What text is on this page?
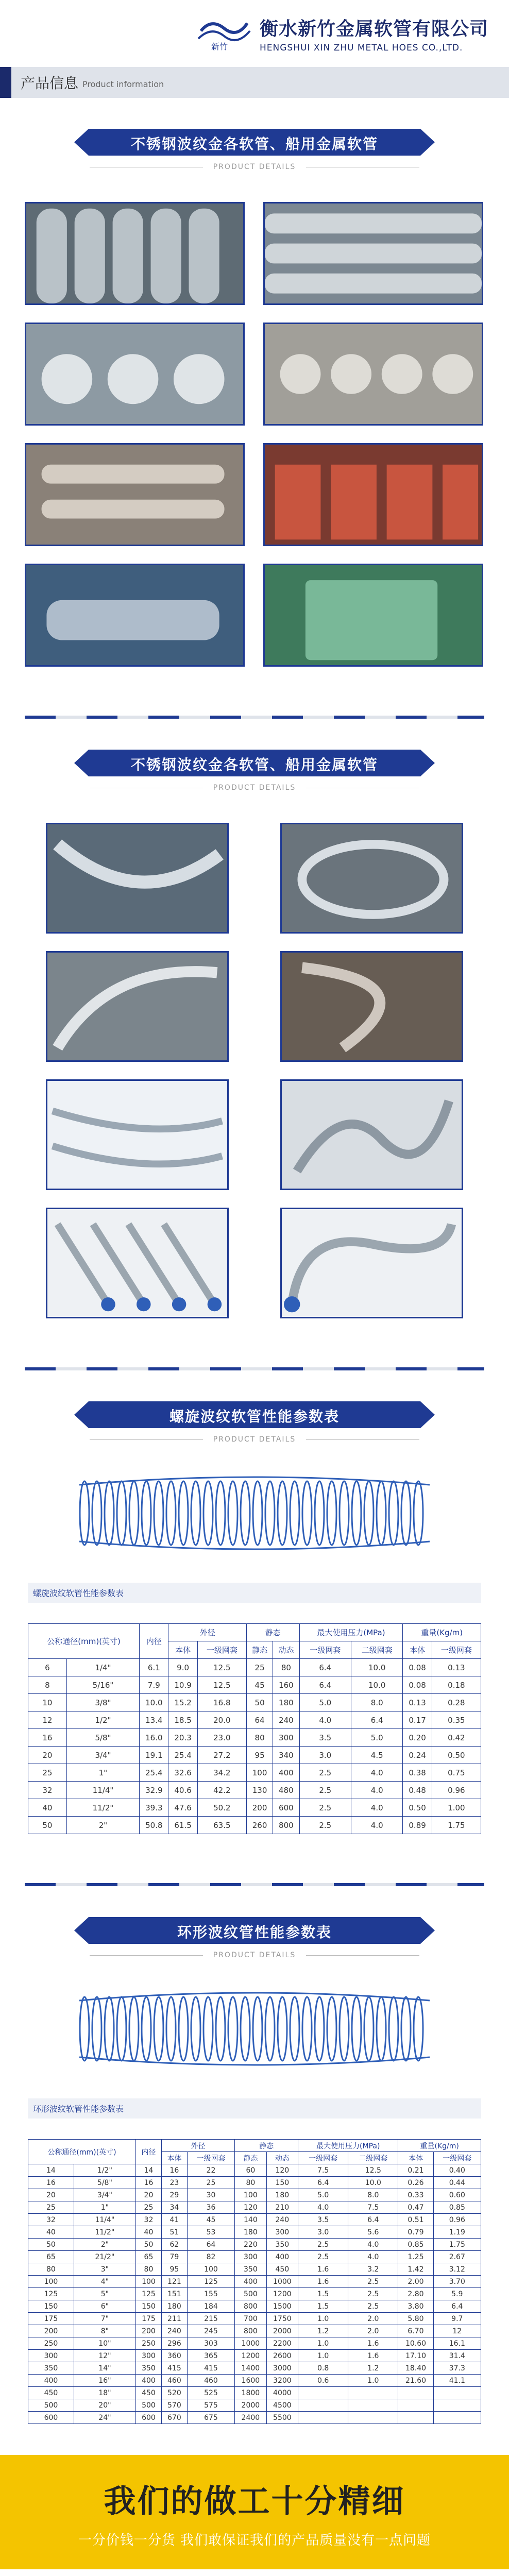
新竹
衡水新竹金属软管有限公司
HENGSHUI XIN ZHU METAL HOES CO.,LTD.
产品信息 Product information
不锈钢波纹金各软管、船用金属软管
PRODUCT DETAILS
不锈钢波纹金各软管、船用金属软管
PRODUCT DETAILS
螺旋波纹软管性能参数表
PRODUCT DETAILS
螺旋波纹软管性能参数表
公称通径(mm)(英寸)		内径	外径		静态		最大使用压力(MPa)		重量(Kg/m)	
			本体	一级网套	静态	动态	一级网套	二级网套	本体	一级网套
6	1/4"	6.1	9.0	12.5	25	80	6.4	10.0	0.08	0.13
8	5/16"	7.9	10.9	12.5	45	160	6.4	10.0	0.08	0.18
10	3/8"	10.0	15.2	16.8	50	180	5.0	8.0	0.13	0.28
12	1/2"	13.4	18.5	20.0	64	240	4.0	6.4	0.17	0.35
16	5/8"	16.0	20.3	23.0	80	300	3.5	5.0	0.20	0.42
20	3/4"	19.1	25.4	27.2	95	340	3.0	4.5	0.24	0.50
25	1"	25.4	32.6	34.2	100	400	2.5	4.0	0.38	0.75
32	11/4"	32.9	40.6	42.2	130	480	2.5	4.0	0.48	0.96
40	11/2"	39.3	47.6	50.2	200	600	2.5	4.0	0.50	1.00
50	2"	50.8	61.5	63.5	260	800	2.5	4.0	0.89	1.75
环形波纹管性能参数表
PRODUCT DETAILS
环形波纹软管性能参数表
公称通径(mm)(英寸)		内径	外径		静态		最大使用压力(MPa)		重量(Kg/m)	
			本体	一级网套	静态	动态	一级网套	二级网套	本体	一级网套
14	1/2"	14	16	22	60	120	7.5	12.5	0.21	0.40
16	5/8"	16	23	25	80	150	6.4	10.0	0.26	0.44
20	3/4"	20	29	30	100	180	5.0	8.0	0.33	0.60
25	1"	25	34	36	120	210	4.0	7.5	0.47	0.85
32	11/4"	32	41	45	140	240	3.5	6.4	0.51	0.96
40	11/2"	40	51	53	180	300	3.0	5.6	0.79	1.19
50	2"	50	62	64	220	350	2.5	4.0	0.85	1.75
65	21/2"	65	79	82	300	400	2.5	4.0	1.25	2.67
80	3"	80	95	100	350	450	1.6	3.2	1.42	3.12
100	4"	100	121	125	400	1000	1.6	2.5	2.00	3.70
125	5"	125	151	155	500	1200	1.5	2.5	2.80	5.9
150	6"	150	180	184	800	1500	1.5	2.5	3.80	6.4
175	7"	175	211	215	700	1750	1.0	2.0	5.80	9.7
200	8"	200	240	245	800	2000	1.2	2.0	6.70	12
250	10"	250	296	303	1000	2200	1.0	1.6	10.60	16.1
300	12"	300	360	365	1200	2600	1.0	1.6	17.10	31.4
350	14"	350	415	415	1400	3000	0.8	1.2	18.40	37.3
400	16"	400	460	460	1600	3200	0.6	1.0	21.60	41.1
450	18"	450	520	525	1800	4000				
500	20"	500	570	575	2000	4500				
600	24"	600	670	675	2400	5500				
我们的做工十分精细
一分价钱一分货 我们敢保证我们的产品质量没有一点问题
